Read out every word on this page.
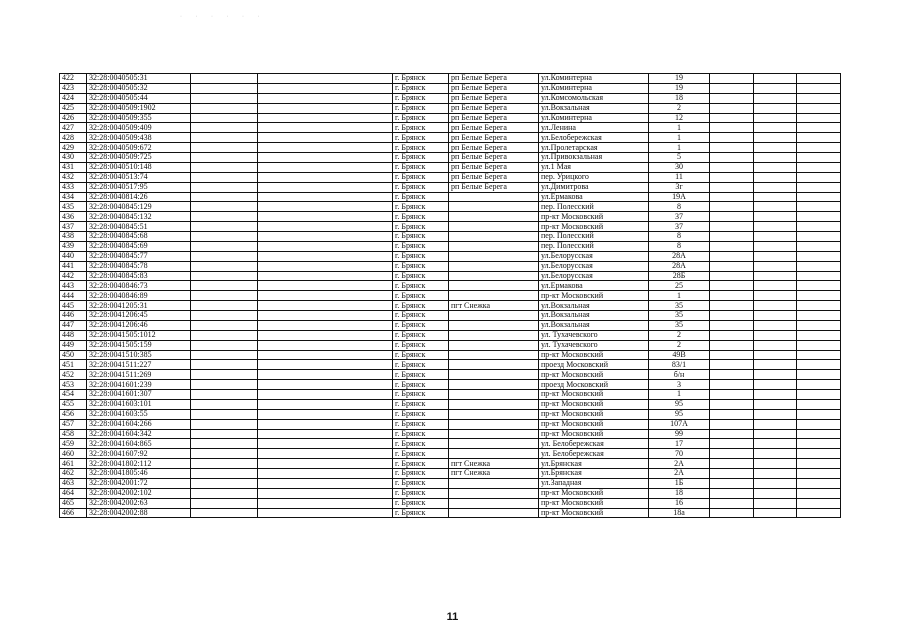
· · · · · ·
422	32:28:0040505:31			г. Брянск	рп Белые Берега	ул.Коминтерна	19			
423	32:28:0040505:32			г. Брянск	рп Белые Берега	ул.Коминтерна	19			
424	32:28:0040505:44			г. Брянск	рп Белые Берега	ул.Комсомольская	18			
425	32:28:0040509:1902			г. Брянск	рп Белые Берега	ул.Вокзальная	2			
426	32:28:0040509:355			г. Брянск	рп Белые Берега	ул.Коминтерна	12			
427	32:28:0040509:409			г. Брянск	рп Белые Берега	ул.Ленина	1			
428	32:28:0040509:438			г. Брянск	рп Белые Берега	ул.Белобережская	1			
429	32:28:0040509:672			г. Брянск	рп Белые Берега	ул.Пролетарская	1			
430	32:28:0040509:725			г. Брянск	рп Белые Берега	ул.Привокзальная	5			
431	32:28:0040510:148			г. Брянск	рп Белые Берега	ул.1 Мая	30			
432	32:28:0040513:74			г. Брянск	рп Белые Берега	пер. Урицкого	11			
433	32:28:0040517:95			г. Брянск	рп Белые Берега	ул.Димитрова	3г			
434	32:28:0040814:26			г. Брянск		ул.Ермакова	19А			
435	32:28:0040845:129			г. Брянск		пер. Полесский	8			
436	32:28:0040845:132			г. Брянск		пр-кт Московский	37			
437	32:28:0040845:51			г. Брянск		пр-кт Московский	37			
438	32:28:0040845:68			г. Брянск		пер. Полесский	8			
439	32:28:0040845:69			г. Брянск		пер. Полесский	8			
440	32:28:0040845:77			г. Брянск		ул.Белорусская	28А			
441	32:28:0040845:78			г. Брянск		ул.Белорусская	28А			
442	32:28:0040845:83			г. Брянск		ул.Белорусская	28Б			
443	32:28:0040846:73			г. Брянск		ул.Ермакова	25			
444	32:28:0040846:89			г. Брянск		пр-кт Московский	1			
445	32:28:0041205:31			г. Брянск	пгт Снежка	ул.Вокзальная	35			
446	32:28:0041206:45			г. Брянск		ул.Вокзальная	35			
447	32:28:0041206:46			г. Брянск		ул.Вокзальная	35			
448	32:28:0041505:1012			г. Брянск		ул. Тухачевского	2			
449	32:28:0041505:159			г. Брянск		ул. Тухачевского	2			
450	32:28:0041510:385			г. Брянск		пр-кт Московский	49В			
451	32:28:0041511:227			г. Брянск		проезд Московский	83/1			
452	32:28:0041511:269			г. Брянск		пр-кт Московский	б/н			
453	32:28:0041601:239			г. Брянск		проезд Московский	3			
454	32:28:0041601:307			г. Брянск		пр-кт Московский	1			
455	32:28:0041603:101			г. Брянск		пр-кт Московский	95			
456	32:28:0041603:55			г. Брянск		пр-кт Московский	95			
457	32:28:0041604:266			г. Брянск		пр-кт Московский	107А			
458	32:28:0041604:342			г. Брянск		пр-кт Московский	99			
459	32:28:0041604:865			г. Брянск		ул. Белобережская	17			
460	32:28:0041607:92			г. Брянск		ул. Белобережская	70			
461	32:28:0041802:112			г. Брянск	пгт Снежка	ул.Брянская	2А			
462	32:28:0041805:46			г. Брянск	пгт Снежка	ул.Брянская	2А			
463	32:28:0042001:72			г. Брянск		ул.Западная	1Б			
464	32:28:0042002:102			г. Брянск		пр-кт Московский	18			
465	32:28:0042002:63			г. Брянск		пр-кт Московский	16			
466	32:28:0042002:88			г. Брянск		пр-кт Московский	18а			
11
